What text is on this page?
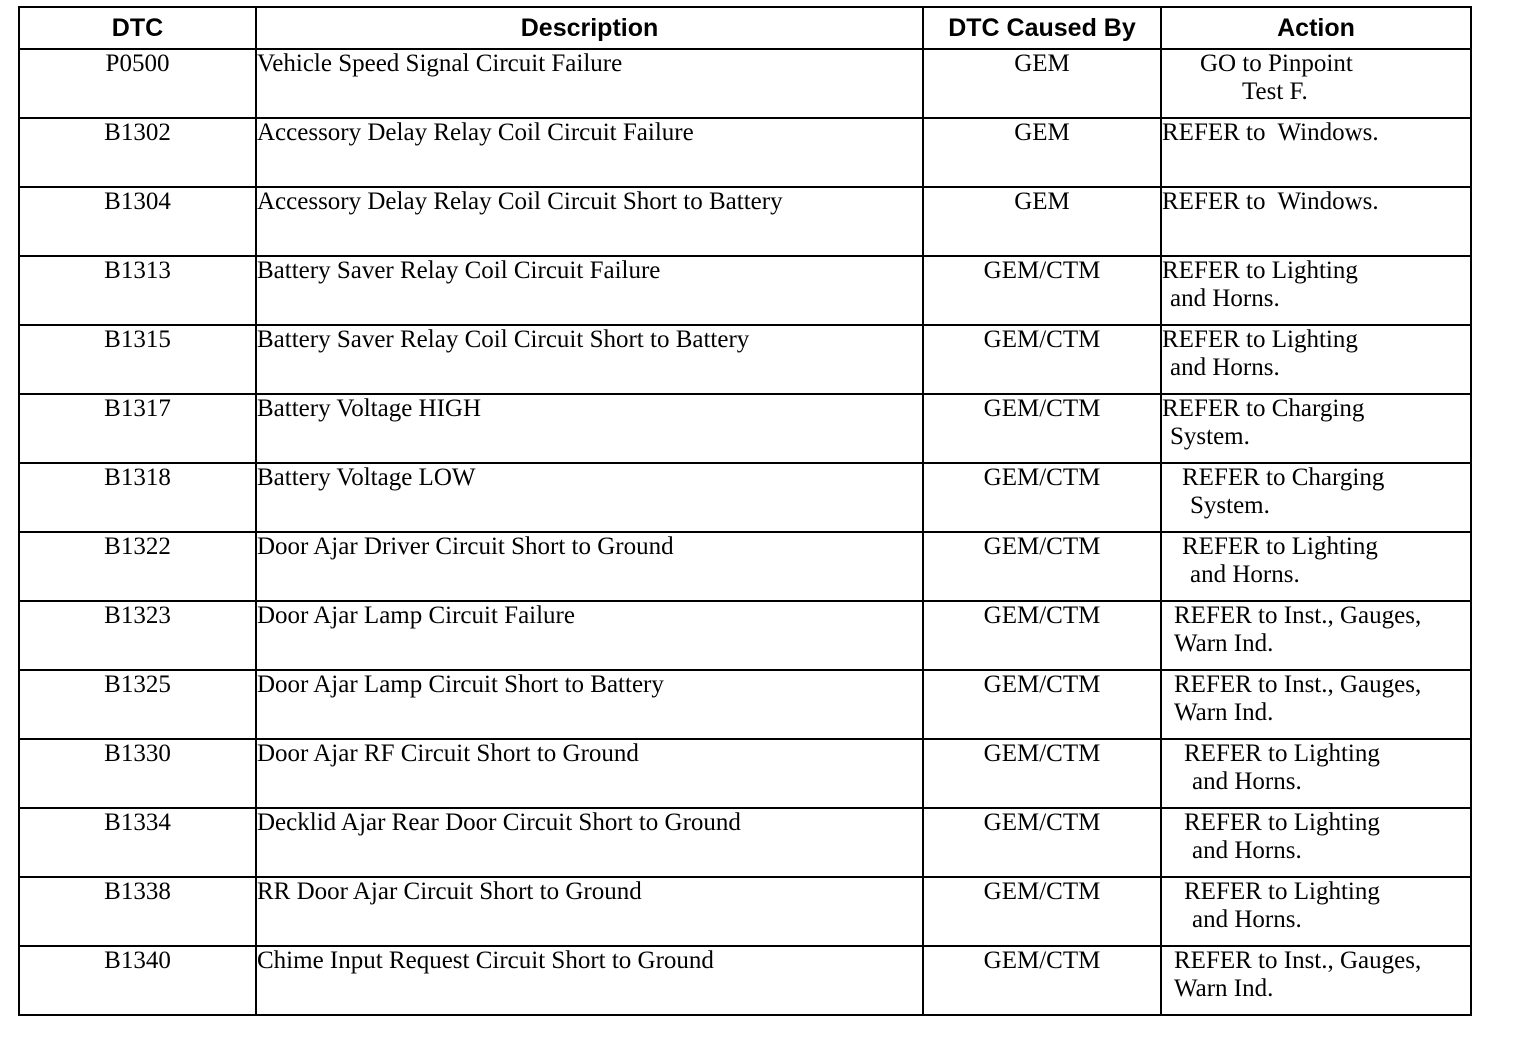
DTC	Description	DTC Caused By	Action
P0500	Vehicle Speed Signal Circuit Failure	GEM	GO to Pinpoint
Test F.

B1302	Accessory Delay Relay Coil Circuit Failure	GEM	REFER to  Windows.

B1304	Accessory Delay Relay Coil Circuit Short to Battery	GEM	REFER to  Windows.

B1313	Battery Saver Relay Coil Circuit Failure	GEM/CTM	REFER to Lighting
and Horns.

B1315	Battery Saver Relay Coil Circuit Short to Battery	GEM/CTM	REFER to Lighting
and Horns.

B1317	Battery Voltage HIGH	GEM/CTM	REFER to Charging
System.

B1318	Battery Voltage LOW	GEM/CTM	REFER to Charging
System.

B1322	Door Ajar Driver Circuit Short to Ground	GEM/CTM	REFER to Lighting
and Horns.

B1323	Door Ajar Lamp Circuit Failure	GEM/CTM	REFER to Inst., Gauges,
Warn Ind.

B1325	Door Ajar Lamp Circuit Short to Battery	GEM/CTM	REFER to Inst., Gauges,
Warn Ind.

B1330	Door Ajar RF Circuit Short to Ground	GEM/CTM	REFER to Lighting
and Horns.

B1334	Decklid Ajar Rear Door Circuit Short to Ground	GEM/CTM	REFER to Lighting
and Horns.

B1338	RR Door Ajar Circuit Short to Ground	GEM/CTM	REFER to Lighting
and Horns.

B1340	Chime Input Request Circuit Short to Ground	GEM/CTM	REFER to Inst., Gauges,
Warn Ind.
